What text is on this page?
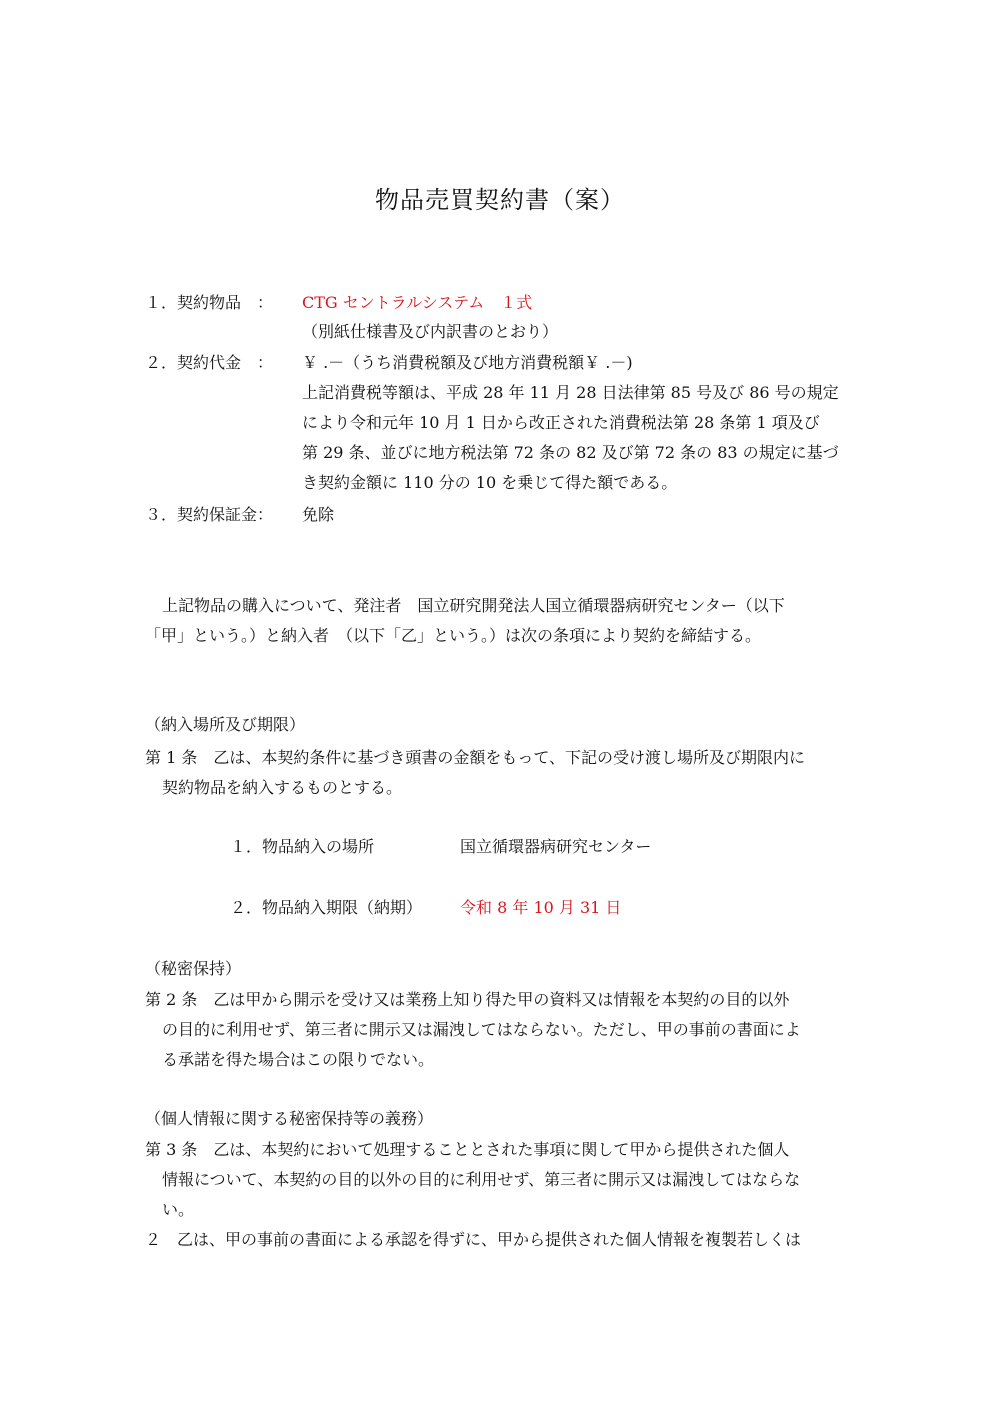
物品売買契約書（案）
１．契約物品　： CTG セントラルシステム　１式
（別紙仕様書及び内訳書のとおり）
２．契約代金　： ￥ .－（うち消費税額及び地方消費税額￥ .－)
上記消費税等額は、平成 28 年 11 月 28 日法律第 85 号及び 86 号の規定
により令和元年 10 月 1 日から改正された消費税法第 28 条第 1 項及び
第 29 条、並びに地方税法第 72 条の 82 及び第 72 条の 83 の規定に基づ
き契約金額に 110 分の 10 を乗じて得た額である。
３．契約保証金： 免除
上記物品の購入について、発注者　国立研究開発法人国立循環器病研究センター（以下
「甲」という。）と納入者　（以下「乙」という。）は次の条項により契約を締結する。
（納入場所及び期限）
第 1 条　乙は、本契約条件に基づき頭書の金額をもって、下記の受け渡し場所及び期限内に
契約物品を納入するものとする。
１．物品納入の場所	国立循環器病研究センター
２．物品納入期限（納期） 令和 8 年 10 月 31 日
（秘密保持）
第 2 条　乙は甲から開示を受け又は業務上知り得た甲の資料又は情報を本契約の目的以外
の目的に利用せず、第三者に開示又は漏洩してはならない。ただし、甲の事前の書面によ
る承諾を得た場合はこの限りでない。
（個人情報に関する秘密保持等の義務）
第 3 条　乙は、本契約において処理することとされた事項に関して甲から提供された個人
情報について、本契約の目的以外の目的に利用せず、第三者に開示又は漏洩してはならな
い。
２　乙は、甲の事前の書面による承認を得ずに、甲から提供された個人情報を複製若しくは
